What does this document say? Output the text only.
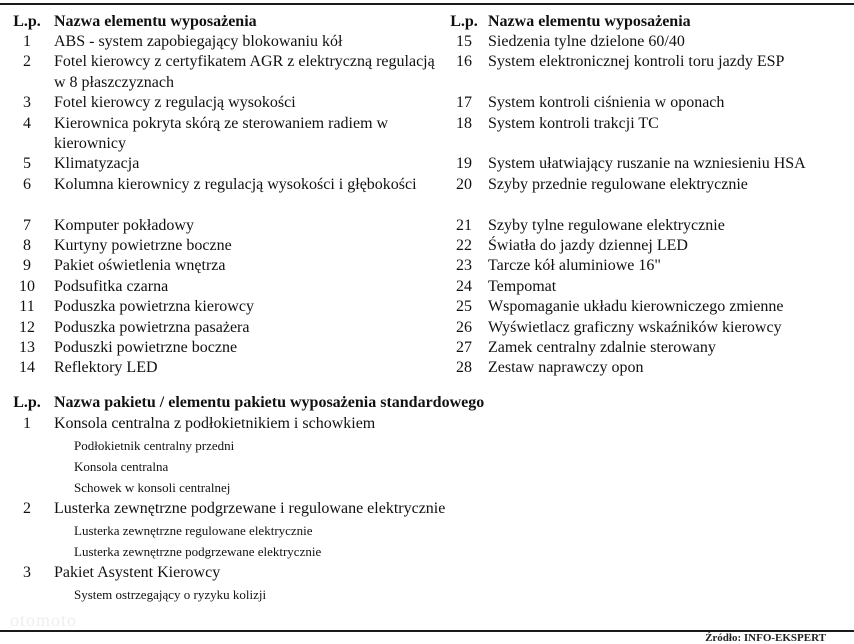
L.p. Nazwa elementu wyposażenia
1	ABS - system zapobiegający blokowaniu kół
2	Fotel kierowcy z certyfikatem AGR z elektryczną regulacją w 8 płaszczyznach
3	Fotel kierowcy z regulacją wysokości
4	Kierownica pokryta skórą ze sterowaniem radiem w kierownicy
5	Klimatyzacja
6	Kolumna kierownicy z regulacją wysokości i głębokości
7	Komputer pokładowy
8	Kurtyny powietrzne boczne
9	Pakiet oświetlenia wnętrza
10	Podsufitka czarna
11	Poduszka powietrzna kierowcy
12	Poduszka powietrzna pasażera
13	Poduszki powietrzne boczne
14	Reflektory LED
L.p. Nazwa elementu wyposażenia
15	Siedzenia tylne dzielone 60/40
16	System elektronicznej kontroli toru jazdy ESP
17	System kontroli ciśnienia w oponach
18	System kontroli trakcji TC
19	System ułatwiający ruszanie na wzniesieniu HSA
20	Szyby przednie regulowane elektrycznie
21	Szyby tylne regulowane elektrycznie
22	Światła do jazdy dziennej LED
23	Tarcze kół aluminiowe 16"
24	Tempomat
25	Wspomaganie układu kierowniczego zmienne
26	Wyświetlacz graficzny wskaźników kierowcy
27	Zamek centralny zdalnie sterowany
28	Zestaw naprawczy opon
L.p. Nazwa pakietu / elementu pakietu wyposażenia standardowego
1	Konsola centralna z podłokietnikiem i schowkiem
Podłokietnik centralny przedni
Konsola centralna
Schowek w konsoli centralnej
2	Lusterka zewnętrzne podgrzewane i regulowane elektrycznie
Lusterka zewnętrzne regulowane elektrycznie
Lusterka zewnętrzne podgrzewane elektrycznie
3	Pakiet Asystent Kierowcy
System ostrzegający o ryzyku kolizji
otomoto
Źródło: INFO-EKSPERT
